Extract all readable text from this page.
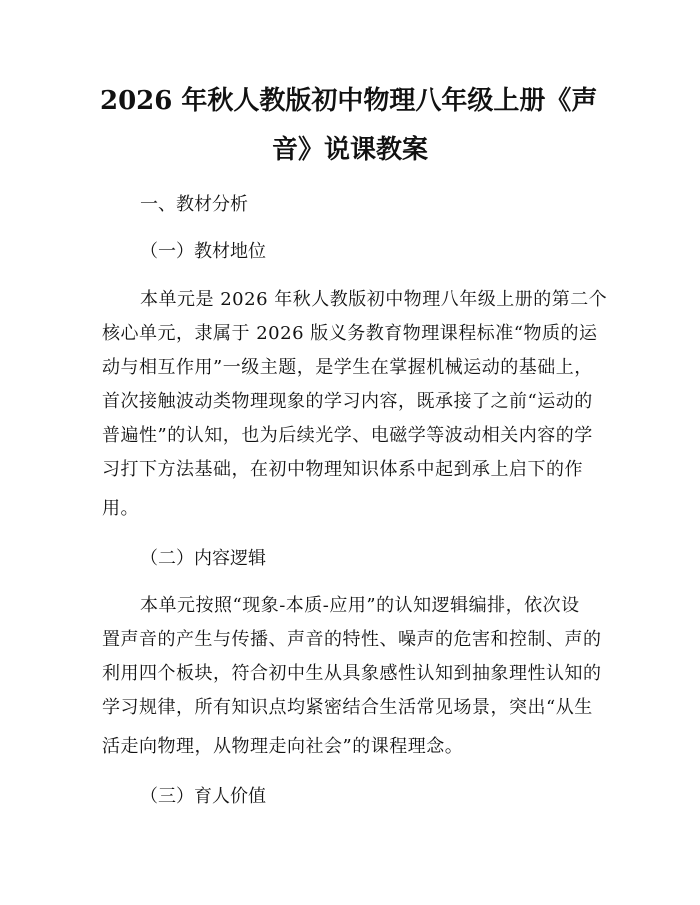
2026 年秋人教版初中物理八年级上册《声
音》说课教案
一、教材分析
（一）教材地位
本单元是 2026 年秋人教版初中物理八年级上册的第二个
核心单元，隶属于 2026 版义务教育物理课程标准“物质的运
动与相互作用”一级主题，是学生在掌握机械运动的基础上，
首次接触波动类物理现象的学习内容，既承接了之前“运动的
普遍性”的认知，也为后续光学、电磁学等波动相关内容的学
习打下方法基础，在初中物理知识体系中起到承上启下的作
用。
（二）内容逻辑
本单元按照“现象-本质-应用”的认知逻辑编排，依次设
置声音的产生与传播、声音的特性、噪声的危害和控制、声的
利用四个板块，符合初中生从具象感性认知到抽象理性认知的
学习规律，所有知识点均紧密结合生活常见场景，突出“从生
活走向物理，从物理走向社会”的课程理念。
（三）育人价值
